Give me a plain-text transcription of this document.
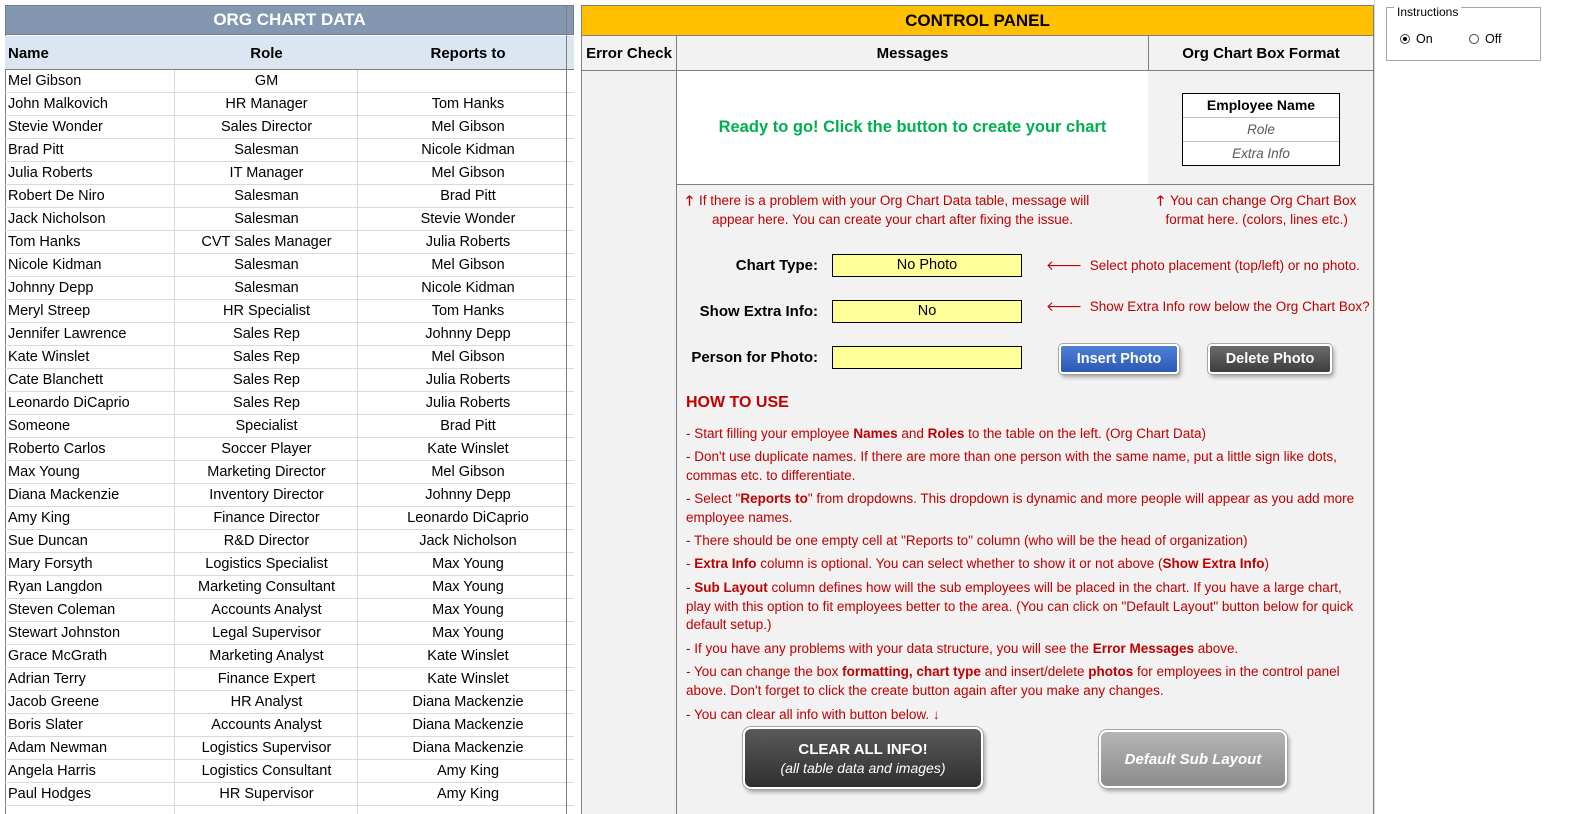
ORG CHART DATA
Name	Role	Reports to
Mel Gibson	GM
John Malkovich	HR Manager	Tom Hanks
Stevie Wonder	Sales Director	Mel Gibson
Brad Pitt	Salesman	Nicole Kidman
Julia Roberts	IT Manager	Mel Gibson
Robert De Niro	Salesman	Brad Pitt
Jack Nicholson	Salesman	Stevie Wonder
Tom Hanks	CVT Sales Manager	Julia Roberts
Nicole Kidman	Salesman	Mel Gibson
Johnny Depp	Salesman	Nicole Kidman
Meryl Streep	HR Specialist	Tom Hanks
Jennifer Lawrence	Sales Rep	Johnny Depp
Kate Winslet	Sales Rep	Mel Gibson
Cate Blanchett	Sales Rep	Julia Roberts
Leonardo DiCaprio	Sales Rep	Julia Roberts
Someone	Specialist	Brad Pitt
Roberto Carlos	Soccer Player	Kate Winslet
Max Young	Marketing Director	Mel Gibson
Diana Mackenzie	Inventory Director	Johnny Depp
Amy King	Finance Director	Leonardo DiCaprio
Sue Duncan	R&D Director	Jack Nicholson
Mary Forsyth	Logistics Specialist	Max Young
Ryan Langdon	Marketing Consultant	Max Young
Steven Coleman	Accounts Analyst	Max Young
Stewart Johnston	Legal Supervisor	Max Young
Grace McGrath	Marketing Analyst	Kate Winslet
Adrian Terry	Finance Expert	Kate Winslet
Jacob Greene	HR Analyst	Diana Mackenzie
Boris Slater	Accounts Analyst	Diana Mackenzie
Adam Newman	Logistics Supervisor	Diana Mackenzie
Angela Harris	Logistics Consultant	Amy King
Paul Hodges	HR Supervisor	Amy King
CONTROL PANEL
Error Check	Messages	Org Chart Box Format
Ready to go! Click the button to create your chart
Employee Name
Role
Extra Info
🡑 If there is a problem with your Org Chart Data table, message will
appear here. You can create your chart after fixing the issue.
🡑 You can change Org Chart Box
format here. (colors, lines etc.)
Chart Type:	No Photo	🡐 Select photo placement (top/left) or no photo.
Show Extra Info:	No	🡐 Show Extra Info row below the Org Chart Box?
Person for Photo:	Insert Photo	Delete Photo
HOW TO USE
- Start filling your employee Names and Roles to the table on the left. (Org Chart Data)
- Don't use duplicate names. If there are more than one person with the same name, put a little sign like dots, commas etc. to differentiate.
- Select "Reports to" from dropdowns. This dropdown is dynamic and more people will appear as you add more employee names.
- There should be one empty cell at "Reports to" column (who will be the head of organization)
- Extra Info column is optional. You can select whether to show it or not above (Show Extra Info)
- Sub Layout column defines how will the sub employees will be placed in the chart. If you have a large chart, play with this option to fit employees better to the area. (You can click on "Default Layout" button below for quick default setup.)
- If you have any problems with your data structure, you will see the Error Messages above.
- You can change the box formatting, chart type and insert/delete photos for employees in the control panel above. Don't forget to click the create button again after you make any changes.
- You can clear all info with button below. ↓
CLEAR ALL INFO!
(all table data and images)	Default Sub Layout
Instructions
On	Off
